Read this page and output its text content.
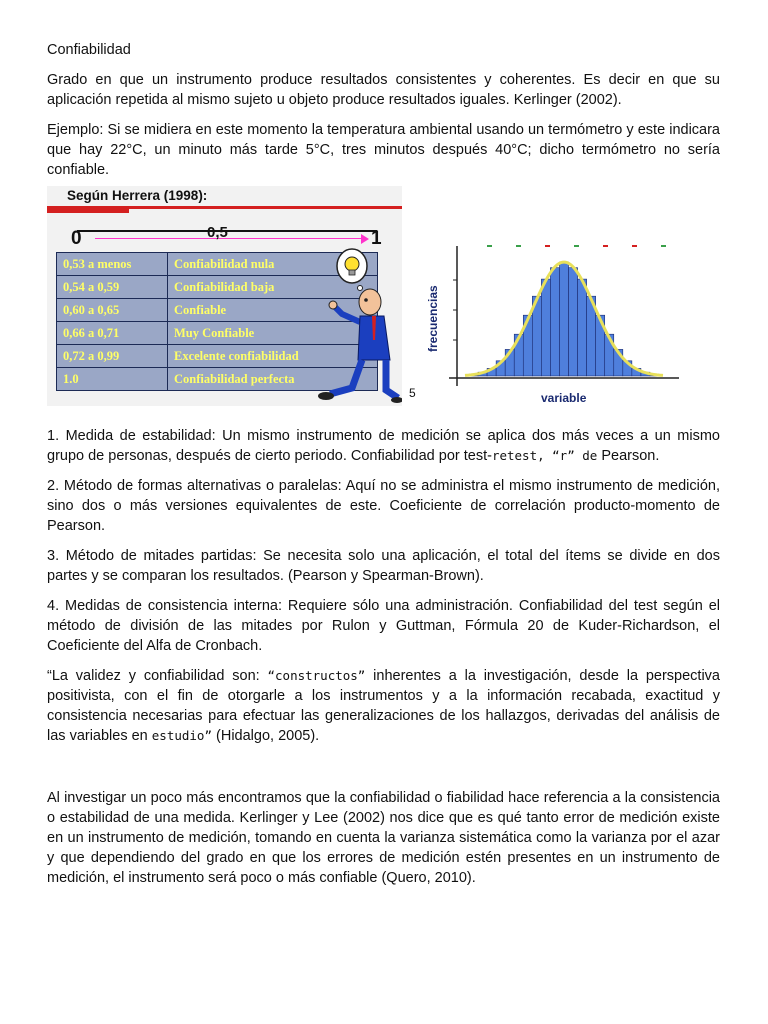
Confiabilidad

Grado en que un instrumento produce resultados consistentes y coherentes. Es decir en que su aplicación repetida al mismo sujeto u objeto produce resultados iguales. Kerlinger (2002).

Ejemplo: Si se midiera en este momento la temperatura ambiental usando un termómetro y este indicara que hay 22°C, un minuto más tarde 5°C, tres minutos después 40°C; dicho termómetro no sería confiable.

Según Herrera (1998):
0	0,5	1
0,53 a menos	Confiabilidad nula
0,54 a 0,59	Confiabilidad baja
0,60 a 0,65	Confiable
0,66 a 0,71	Muy Confiable
0,72 a 0,99	Excelente confiabilidad
1.0	Confiabilidad perfecta
5
frecuencias
variable

1. Medida de estabilidad: Un mismo instrumento de medición se aplica dos más veces a un mismo grupo de personas, después de cierto periodo. Confiabilidad por test-retest, “r” de Pearson.

2. Método de formas alternativas o paralelas: Aquí no se administra el mismo instrumento de medición, sino dos o más versiones equivalentes de este. Coeficiente de correlación producto-momento de Pearson.

3. Método de mitades partidas: Se necesita solo una aplicación, el total del ítems se divide en dos partes y se comparan los resultados. (Pearson y Spearman-Brown).

4. Medidas de consistencia interna: Requiere sólo una administración. Confiabilidad del test según el método de división de las mitades por Rulon y Guttman, Fórmula 20 de Kuder-Richardson, el Coeficiente del Alfa de Cronbach.

“La validez y confiabilidad son: “constructos” inherentes a la investigación, desde la perspectiva positivista, con el fin de otorgarle a los instrumentos y a la información recabada, exactitud y consistencia necesarias para efectuar las generalizaciones de los hallazgos, derivadas del análisis de las variables en estudio” (Hidalgo, 2005).

Al investigar un poco más encontramos que la confiabilidad o fiabilidad hace referencia a la consistencia o estabilidad de una medida. Kerlinger y Lee (2002) nos dice que es qué tanto error de medición existe en un instrumento de medición, tomando en cuenta la varianza sistemática como la varianza por el azar y que dependiendo del grado en que los errores de medición estén presentes en un instrumento de medición, el instrumento será poco o más confiable (Quero, 2010).
